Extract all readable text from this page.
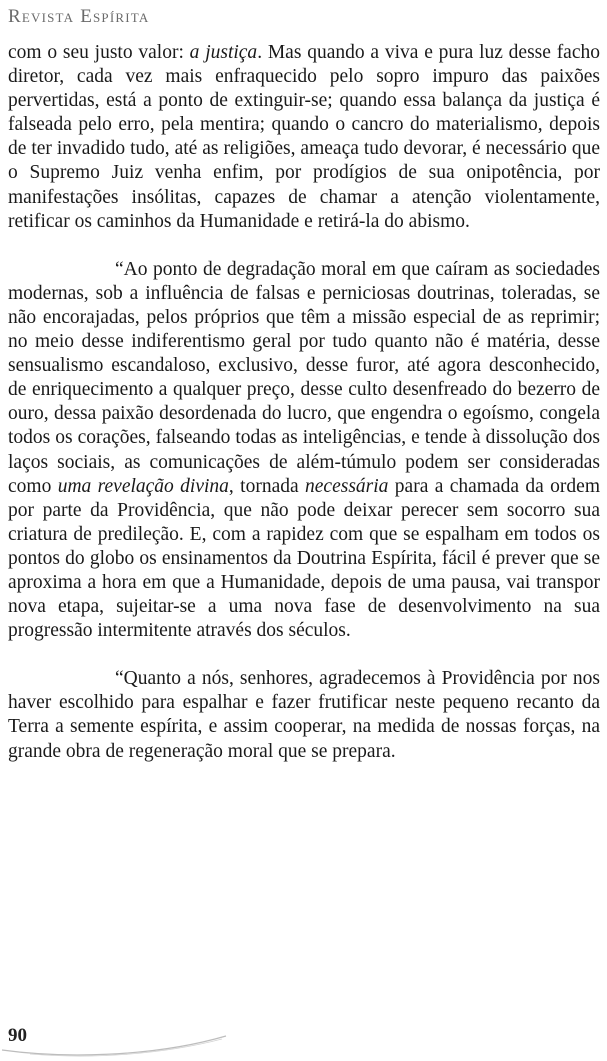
Revista Espírita

com o seu justo valor: a justiça. Mas quando a viva e pura luz desse facho diretor, cada vez mais enfraquecido pelo sopro impuro das paixões pervertidas, está a ponto de extinguir-se; quando essa balança da justiça é falseada pelo erro, pela mentira; quando o cancro do materialismo, depois de ter invadido tudo, até as religiões, ameaça tudo devorar, é necessário que o Supremo Juiz venha enfim, por prodígios de sua onipotência, por manifestações insólitas, capazes de chamar a atenção violentamente, retificar os caminhos da Humanidade e retirá-la do abismo.

“Ao ponto de degradação moral em que caíram as sociedades modernas, sob a influência de falsas e perniciosas doutrinas, toleradas, se não encorajadas, pelos próprios que têm a missão especial de as reprimir; no meio desse indiferentismo geral por tudo quanto não é matéria, desse sensualismo escandaloso, exclusivo, desse furor, até agora desconhecido, de enriquecimento a qualquer preço, desse culto desenfreado do bezerro de ouro, dessa paixão desordenada do lucro, que engendra o egoísmo, congela todos os corações, falseando todas as inteligências, e tende à dissolução dos laços sociais, as comunicações de além-túmulo podem ser consideradas como uma revelação divina, tornada necessária para a chamada da ordem por parte da Providência, que não pode deixar perecer sem socorro sua criatura de predileção. E, com a rapidez com que se espalham em todos os pontos do globo os ensinamentos da Doutrina Espírita, fácil é prever que se aproxima a hora em que a Humanidade, depois de uma pausa, vai transpor nova etapa, sujeitar-se a uma nova fase de desenvolvimento na sua progressão intermitente através dos séculos.

“Quanto a nós, senhores, agradecemos à Providência por nos haver escolhido para espalhar e fazer frutificar neste pequeno recanto da Terra a semente espírita, e assim cooperar, na medida de nossas forças, na grande obra de regeneração moral que se prepara.

90
